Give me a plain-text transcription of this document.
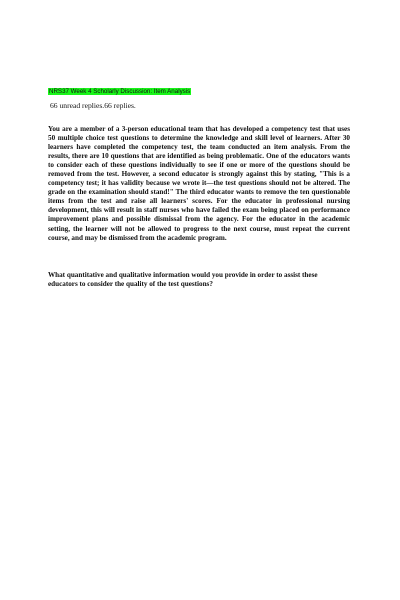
NRS37 Week 4 Scholarly Discussion: Item Analysis
66 unread replies.66 replies.

You are a member of a 3-person educational team that has developed a competency test that uses 50 multiple choice test questions to determine the knowledge and skill level of learners. After 30 learners have completed the competency test, the team conducted an item analysis. From the results, there are 10 questions that are identified as being problematic. One of the educators wants to consider each of these questions individually to see if one or more of the questions should be removed from the test. However, a second educator is strongly against this by stating, "This is a competency test; it has validity because we wrote it—the test questions should not be altered. The grade on the examination should stand!" The third educator wants to remove the ten questionable items from the test and raise all learners' scores. For the educator in professional nursing development, this will result in staff nurses who have failed the exam being placed on performance improvement plans and possible dismissal from the agency. For the educator in the academic setting, the learner will not be allowed to progress to the next course, must repeat the current course, and may be dismissed from the academic program.

What quantitative and qualitative information would you provide in order to assist these educators to consider the quality of the test questions?
